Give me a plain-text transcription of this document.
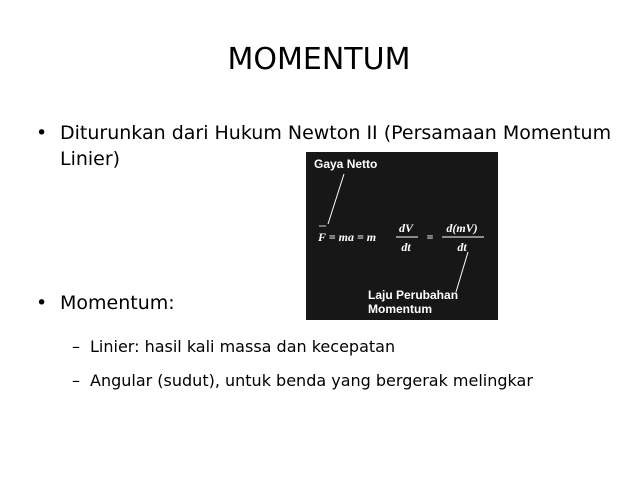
MOMENTUM
• Diturunkan dari Hukum Newton II (Persamaan Momentum Linier)
• Momentum:
– Linier: hasil kali massa dan kecepatan
– Angular (sudut), untuk benda yang bergerak melingkar
Gaya Netto
F = ma = m
dV
dt
=
d(mV)
dt
Laju Perubahan Momentum
